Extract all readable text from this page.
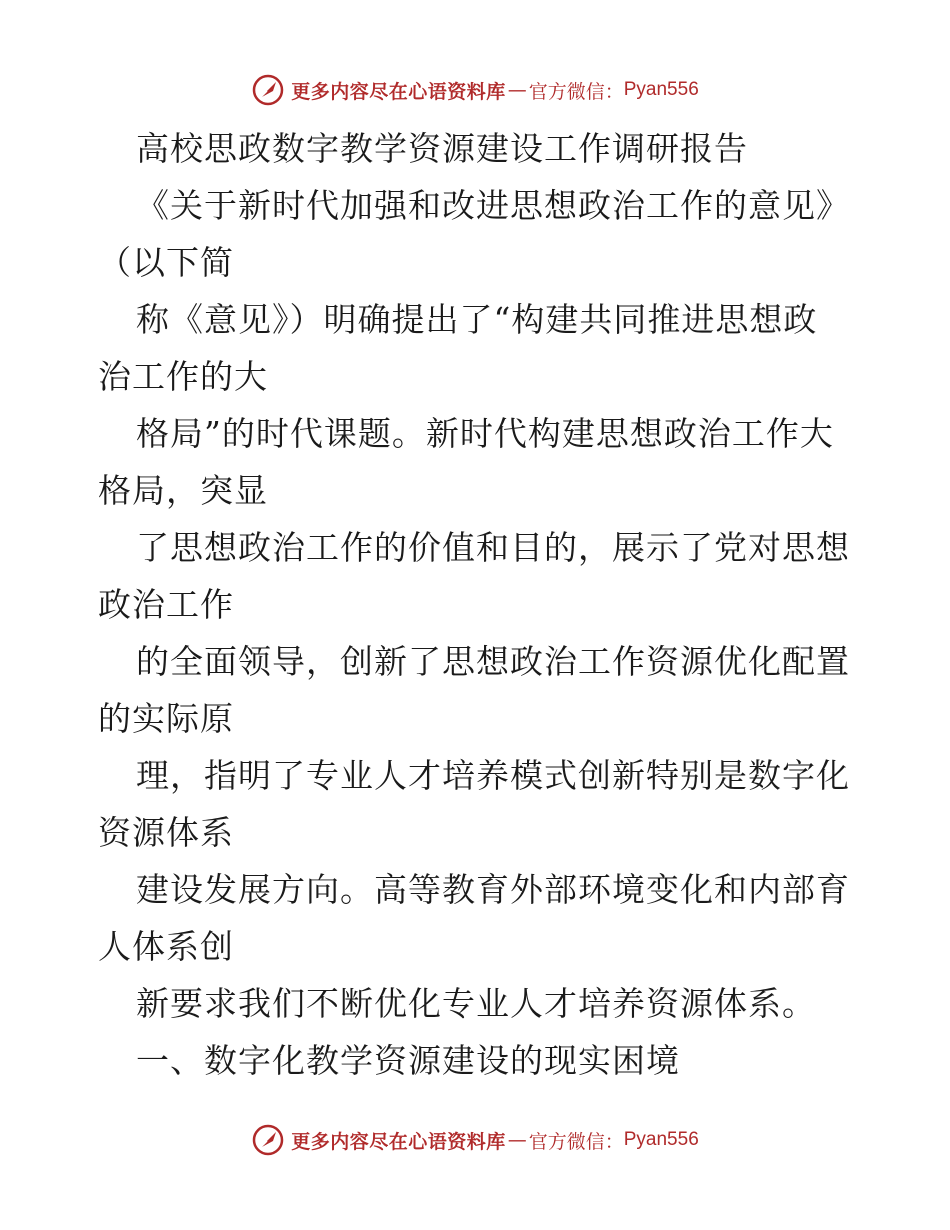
更多内容尽在心语资料库 — 官方微信： Pyan556
高校思政数字教学资源建设工作调研报告
《关于新时代加强和改进思想政治工作的意见》
（以下简
称《意见》）明确提出了“构建共同推进思想政
治工作的大
格局”的时代课题。新时代构建思想政治工作大
格局，突显
了思想政治工作的价值和目的，展示了党对思想
政治工作
的全面领导，创新了思想政治工作资源优化配置
的实际原
理，指明了专业人才培养模式创新特别是数字化
资源体系
建设发展方向。高等教育外部环境变化和内部育
人体系创
新要求我们不断优化专业人才培养资源体系。
一、数字化教学资源建设的现实困境
更多内容尽在心语资料库 — 官方微信： Pyan556
